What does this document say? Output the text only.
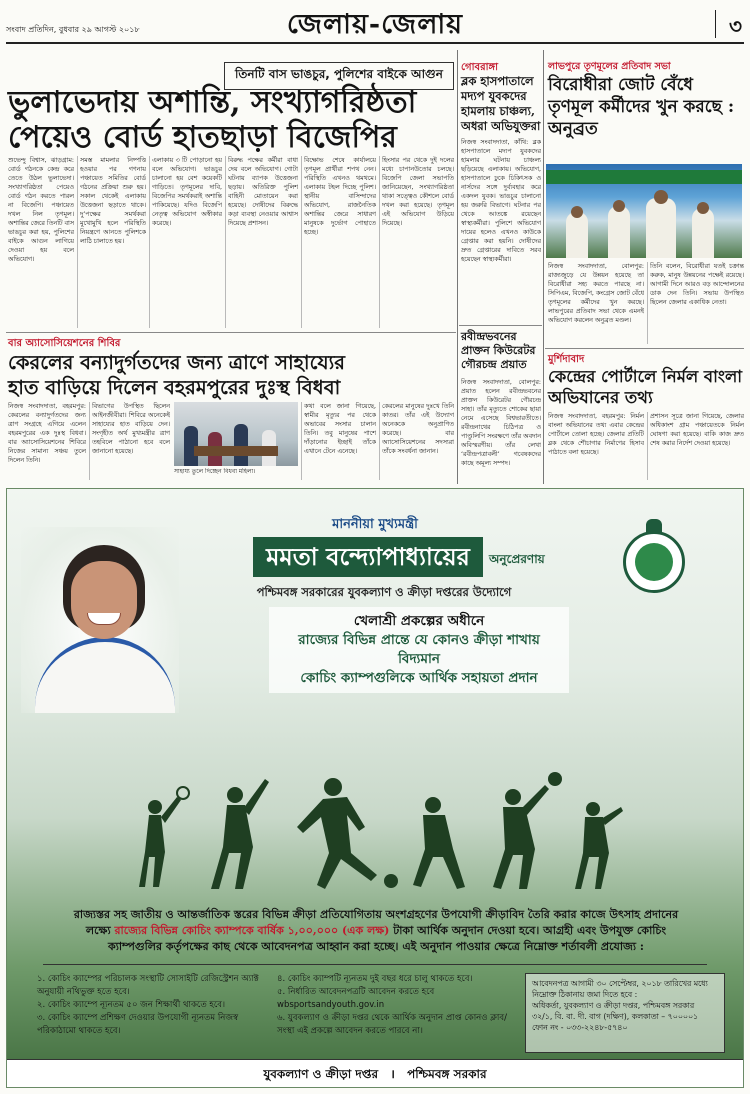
সংবাদ প্রতিদিন, বুধবার ২৯ আগস্ট ২০১৮	জেলায়-জেলায়	৩
তিনটি বাস ভাঙচুর, পুলিশের বাইকে আগুন
ভুলাভেদায় অশান্তি, সংখ্যাগরিষ্ঠতা
পেয়েও বোর্ড হাতছাড়া বিজেপির
শুভেন্দু বিশ্বাস, ঝাড়গ্রাম: বোর্ড গঠনকে কেন্দ্র করে তেতে উঠল ভুলাভেদা। সংখ্যাগরিষ্ঠতা পেয়েও বোর্ড গঠন করতে পারল না বিজেপি। পঞ্চায়েত দখল নিল তৃণমূল। অশান্তির জেরে তিনটি বাস ভাঙচুর করা হয়, পুলিশের বাইকে আগুন লাগিয়ে দেওয়া হয় বলে অভিযোগ।
সমস্ত মামলার নিষ্পত্তি হওয়ার পর গণনায় পঞ্চায়েত সমিতির বোর্ড গঠনের প্রক্রিয়া শুরু হয়। সকাল থেকেই এলাকায় উত্তেজনা ছড়াতে থাকে। দু’পক্ষের সমর্থকরা মুখোমুখি হলে পরিস্থিতি নিয়ন্ত্রণে আনতে পুলিশকে লাঠি চালাতে হয়।
এলাকায় ৩ টি পোড়ানো হয় বলে অভিযোগ। ভাঙচুর চালানো হয় বেশ কয়েকটি গাড়িতে। তৃণমূলের দাবি, বিজেপির সমর্থকরাই অশান্তি পাকিয়েছে। যদিও বিজেপি নেতৃত্ব অভিযোগ অস্বীকার করেছে।
বিরুদ্ধ পক্ষের কর্মীরা বাধা দেয় বলে অভিযোগ। গোটা ঘটনায় ব্যাপক উত্তেজনা ছড়ায়। অতিরিক্ত পুলিশ বাহিনী মোতায়েন করা হয়েছে। দোষীদের বিরুদ্ধে কড়া ব্যবস্থা নেওয়ার আশ্বাস দিয়েছে প্রশাসন।
বিক্ষোভ শেষে কার্যালয়ে তৃণমূল প্রার্থীরা শপথ নেন। পরিস্থিতি এখনও থমথমে। এলাকায় টহল দিচ্ছে পুলিশ। স্থানীয় বাসিন্দাদের অভিযোগ, রাজনৈতিক অশান্তির জেরে সাধারণ মানুষকে দুর্ভোগ পোহাতে হচ্ছে।
হিংসার পর থেকে দুই দলের মধ্যে চাপানউতোর চলছে। বিজেপি জেলা সভাপতি জানিয়েছেন, সংখ্যাগরিষ্ঠতা থাকা সত্ত্বেও কৌশলে বোর্ড দখল করা হয়েছে। তৃণমূল এই অভিযোগ উড়িয়ে দিয়েছে।
গোবরাঙ্গা
ব্লক হাসপাতালে মদ্যপ যুবকদের হামলায় চাঞ্চল্য, অধরা অভিযুক্তরা
নিজস্ব সংবাদদাতা, কাঁথি: ব্লক হাসপাতালে মদ্যপ যুবকদের হামলার ঘটনায় চাঞ্চল্য ছড়িয়েছে এলাকায়। অভিযোগ, হাসপাতালে ঢুকে চিকিৎসক ও নার্সদের সঙ্গে দুর্ব্যবহার করে একদল যুবক। ভাঙচুর চালানো হয় জরুরি বিভাগে। ঘটনার পর থেকে আতঙ্কে রয়েছেন স্বাস্থ্যকর্মীরা। পুলিশে অভিযোগ দায়ের হলেও এখনও কাউকে গ্রেপ্তার করা হয়নি। দোষীদের দ্রুত গ্রেপ্তারের দাবিতে সরব হয়েছেন স্বাস্থ্যকর্মীরা।
রবীন্দ্রভবনের প্রাক্তন কিউরেটর গৌরচন্দ্র প্রয়াত
নিজস্ব সংবাদদাতা, বোলপুর: প্রয়াত হলেন রবীন্দ্রভবনের প্রাক্তন কিউরেটর গৌরচন্দ্র সাহা। তাঁর মৃত্যুতে শোকের ছায়া নেমে এসেছে বিশ্বভারতীতে। রবীন্দ্রনাথের চিঠিপত্র ও পাণ্ডুলিপি সংরক্ষণে তাঁর অবদান অবিস্মরণীয়। তাঁর লেখা ‘রবীন্দ্রপত্রাবলী’ গবেষকদের কাছে অমূল্য সম্পদ।
লাভপুরে তৃণমূলের প্রতিবাদ সভা
বিরোধীরা জোট বেঁধে তৃণমূল কর্মীদের খুন করছে : অনুব্রত
নিজস্ব সংবাদদাতা, বোলপুর: রাজ্যজুড়ে যে উন্নয়ন হয়েছে তা বিরোধীরা সহ্য করতে পারছে না। সিপিএম, বিজেপি, কংগ্রেস জোট বেঁধে তৃণমূলের কর্মীদের খুন করছে। লাভপুরের প্রতিবাদ সভা থেকে এমনই অভিযোগ করলেন অনুব্রত মণ্ডল।
তিনি বলেন, বিরোধীরা যতই চক্রান্ত করুক, মানুষ উন্নয়নের পক্ষেই রয়েছে। আগামী দিনে আরও বড় আন্দোলনের ডাক দেন তিনি। সভায় উপস্থিত ছিলেন জেলার একাধিক নেতা।
বার অ্যাসোসিয়েশনের শিবির
কেরলের বন্যাদুর্গতদের জন্য ত্রাণে সাহায্যের
হাত বাড়িয়ে দিলেন বহরমপুরের দুঃস্থ বিধবা
নিজস্ব সংবাদদাতা, বহরমপুর: কেরলের বন্যাদুর্গতদের জন্য ত্রাণ সংগ্রহে এগিয়ে এলেন বহরমপুরের এক দুঃস্থ বিধবা। বার অ্যাসোসিয়েশনের শিবিরে নিজের সামান্য সঞ্চয় তুলে দিলেন তিনি।
বিভাগের উপস্থিত ছিলেন আইনজীবীরা। শিবিরে অনেকেই সাহায্যের হাত বাড়িয়ে দেন। সংগৃহীত অর্থ মুখ্যমন্ত্রীর ত্রাণ তহবিলে পাঠানো হবে বলে জানানো হয়েছে।
সাহায্য তুলে দিচ্ছেন বিধবা মহিলা।
কথা বলে জানা গিয়েছে, স্বামীর মৃত্যুর পর থেকে অভাবের সংসার চালান তিনি। তবু মানুষের পাশে দাঁড়ানোর ইচ্ছাই তাঁকে এখানে টেনে এনেছে।
কেরলের মানুষের দুঃখে তিনি কাতর। তাঁর এই উদ্যোগ অনেককে অনুপ্রাণিত করেছে। বার অ্যাসোসিয়েশনের সদস্যরা তাঁকে সংবর্ধনা জানান।
মুর্শিদাবাদ
কেন্দ্রের পোর্টালে নির্মল বাংলা অভিযানের তথ্য
নিজস্ব সংবাদদাতা, বহরমপুর: নির্মল বাংলা অভিযানের তথ্য এবার কেন্দ্রের পোর্টালে তোলা হচ্ছে। জেলার প্রতিটি ব্লক থেকে শৌচাগার নির্মাণের হিসাব পাঠাতে বলা হয়েছে।
প্রশাসন সূত্রে জানা গিয়েছে, জেলার অধিকাংশ গ্রাম পঞ্চায়েতকে নির্মল ঘোষণা করা হয়েছে। বাকি কাজ দ্রুত শেষ করার নির্দেশ দেওয়া হয়েছে।
মাননীয়া মুখ্যমন্ত্রী
মমতা বন্দ্যোপাধ্যায়ের	অনুপ্রেরণায়
পশ্চিমবঙ্গ সরকারের যুবকল্যাণ ও ক্রীড়া দপ্তরের উদ্যোগে
খেলাশ্রী প্রকল্পের অধীনে
রাজ্যের বিভিন্ন প্রান্তে যে কোনও ক্রীড়া শাখায় বিদ্যমান
কোচিং ক্যাম্পগুলিকে আর্থিক সহায়তা প্রদান
রাজ্যস্তর সহ জাতীয় ও আন্তর্জাতিক স্তরের বিভিন্ন ক্রীড়া প্রতিযোগিতায় অংশগ্রহণের উপযোগী ক্রীড়াবিদ তৈরি করার কাজে উৎসাহ প্রদানের লক্ষ্যে রাজ্যের বিভিন্ন কোচিং ক্যাম্পকে বার্ষিক ১,০০,০০০ (এক লক্ষ) টাকা আর্থিক অনুদান দেওয়া হবে। আগ্রহী এবং উপযুক্ত কোচিং ক্যাম্পগুলির কর্তৃপক্ষের কাছ থেকে আবেদনপত্র আহ্বান করা হচ্ছে। এই অনুদান পাওয়ার ক্ষেত্রে নিম্নোক্ত শর্তাবলী প্রযোজ্য :
১. কোচিং ক্যাম্পের পরিচালক সংস্থাটি সোসাইটি রেজিস্ট্রেশন অ্যাক্ট অনুযায়ী নথিভুক্ত হতে হবে।
২. কোচিং ক্যাম্পে ন্যূনতম ৫০ জন শিক্ষার্থী থাকতে হবে।
৩. কোচিং ক্যাম্পে প্রশিক্ষণ দেওয়ার উপযোগী ন্যূনতম নিজস্ব পরিকাঠামো থাকতে হবে।
৪. কোচিং ক্যাম্পটি ন্যূনতম দুই বছর ধরে চালু থাকতে হবে।
৫. নির্ধারিত আবেদনপত্রটি আবেদন করতে হবে wbsportsandyouth.gov.in
৬. যুবকল্যাণ ও ক্রীড়া দপ্তর থেকে আর্থিক অনুদান প্রাপ্ত কোনও ক্লাব/সংস্থা এই প্রকল্পে আবেদন করতে পারবে না।
আবেদনপত্র আগামী ৩০ সেপ্টেম্বর, ২০১৮ তারিখের মধ্যে নিম্নোক্ত ঠিকানায় জমা দিতে হবে :
অধিকর্তা, যুবকল্যাণ ও ক্রীড়া দপ্তর, পশ্চিমবঙ্গ সরকার
৩২/১, বি. বা. দী. বাগ (দক্ষিণ), কলকাতা – ৭০০০০১
ফোন নং - ০৩৩-২২৪৮-৫৭৪০
যুবকল্যাণ ও ক্রীড়া দপ্তর । পশ্চিমবঙ্গ সরকার
